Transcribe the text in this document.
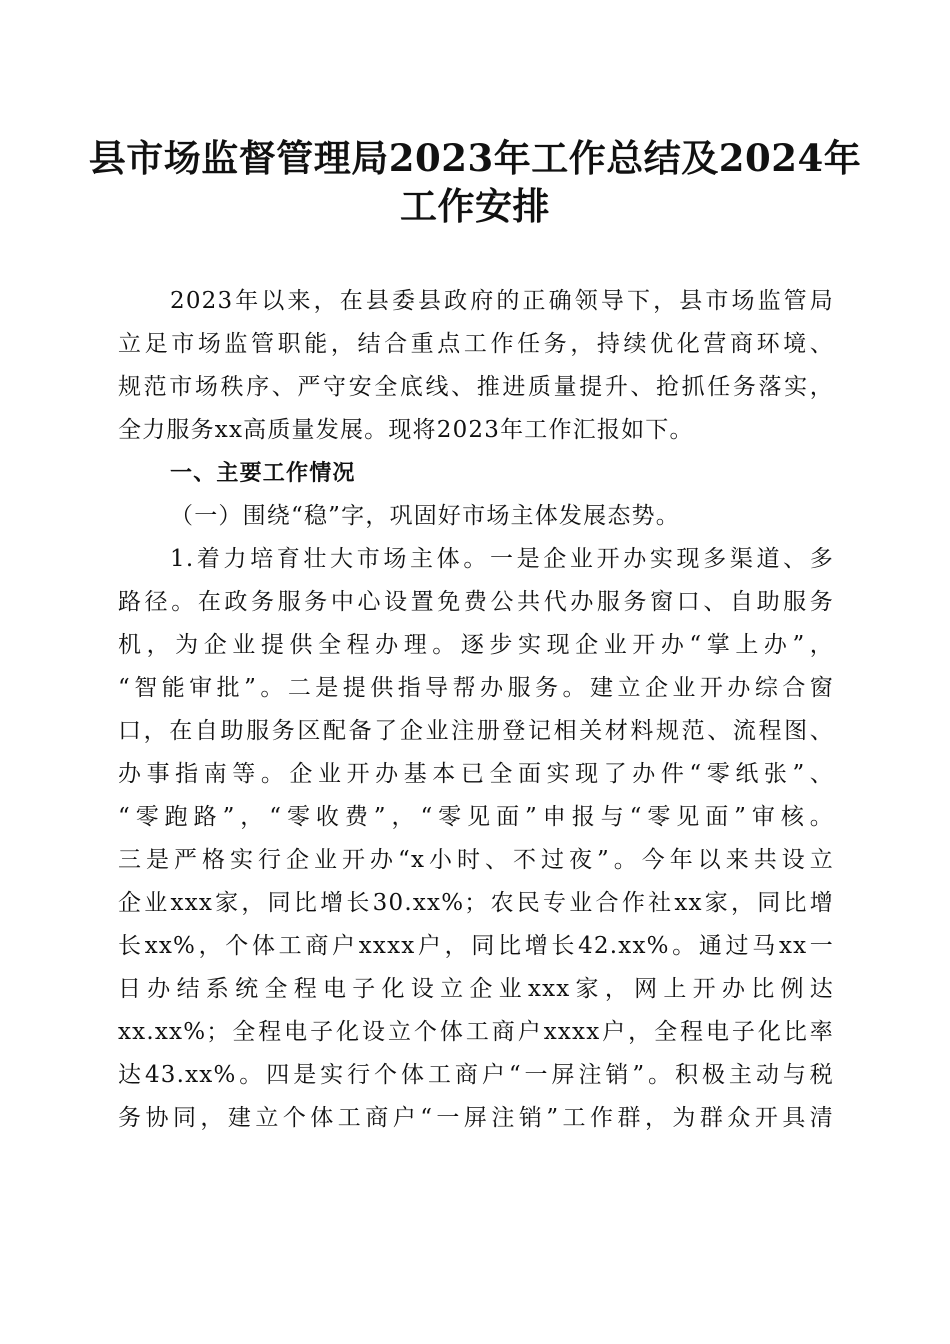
县市场监督管理局2023年工作总结及2024年
工作安排
2023年以来，在县委县政府的正确领导下，县市场监管局
立足市场监管职能，结合重点工作任务，持续优化营商环境、
规范市场秩序、严守安全底线、推进质量提升、抢抓任务落实，
全力服务xx高质量发展。现将2023年工作汇报如下。
一、主要工作情况
（一）围绕“稳”字，巩固好市场主体发展态势。
1.着力培育壮大市场主体。一是企业开办实现多渠道、多
路径。在政务服务中心设置免费公共代办服务窗口、自助服务
机，为企业提供全程办理。逐步实现企业开办“掌上办”，
“智能审批”。二是提供指导帮办服务。建立企业开办综合窗
口，在自助服务区配备了企业注册登记相关材料规范、流程图、
办事指南等。企业开办基本已全面实现了办件“零纸张”、
“零跑路”，“零收费”，“零见面”申报与“零见面”审核。
三是严格实行企业开办“x小时、不过夜”。今年以来共设立
企业xxx家，同比增长30.xx%；农民专业合作社xx家，同比增
长xx%，个体工商户xxxx户，同比增长42.xx%。通过马xx一
日办结系统全程电子化设立企业xxx家，网上开办比例达
xx.xx%；全程电子化设立个体工商户xxxx户，全程电子化比率
达43.xx%。四是实行个体工商户“一屏注销”。积极主动与税
务协同，建立个体工商户“一屏注销”工作群，为群众开具清
